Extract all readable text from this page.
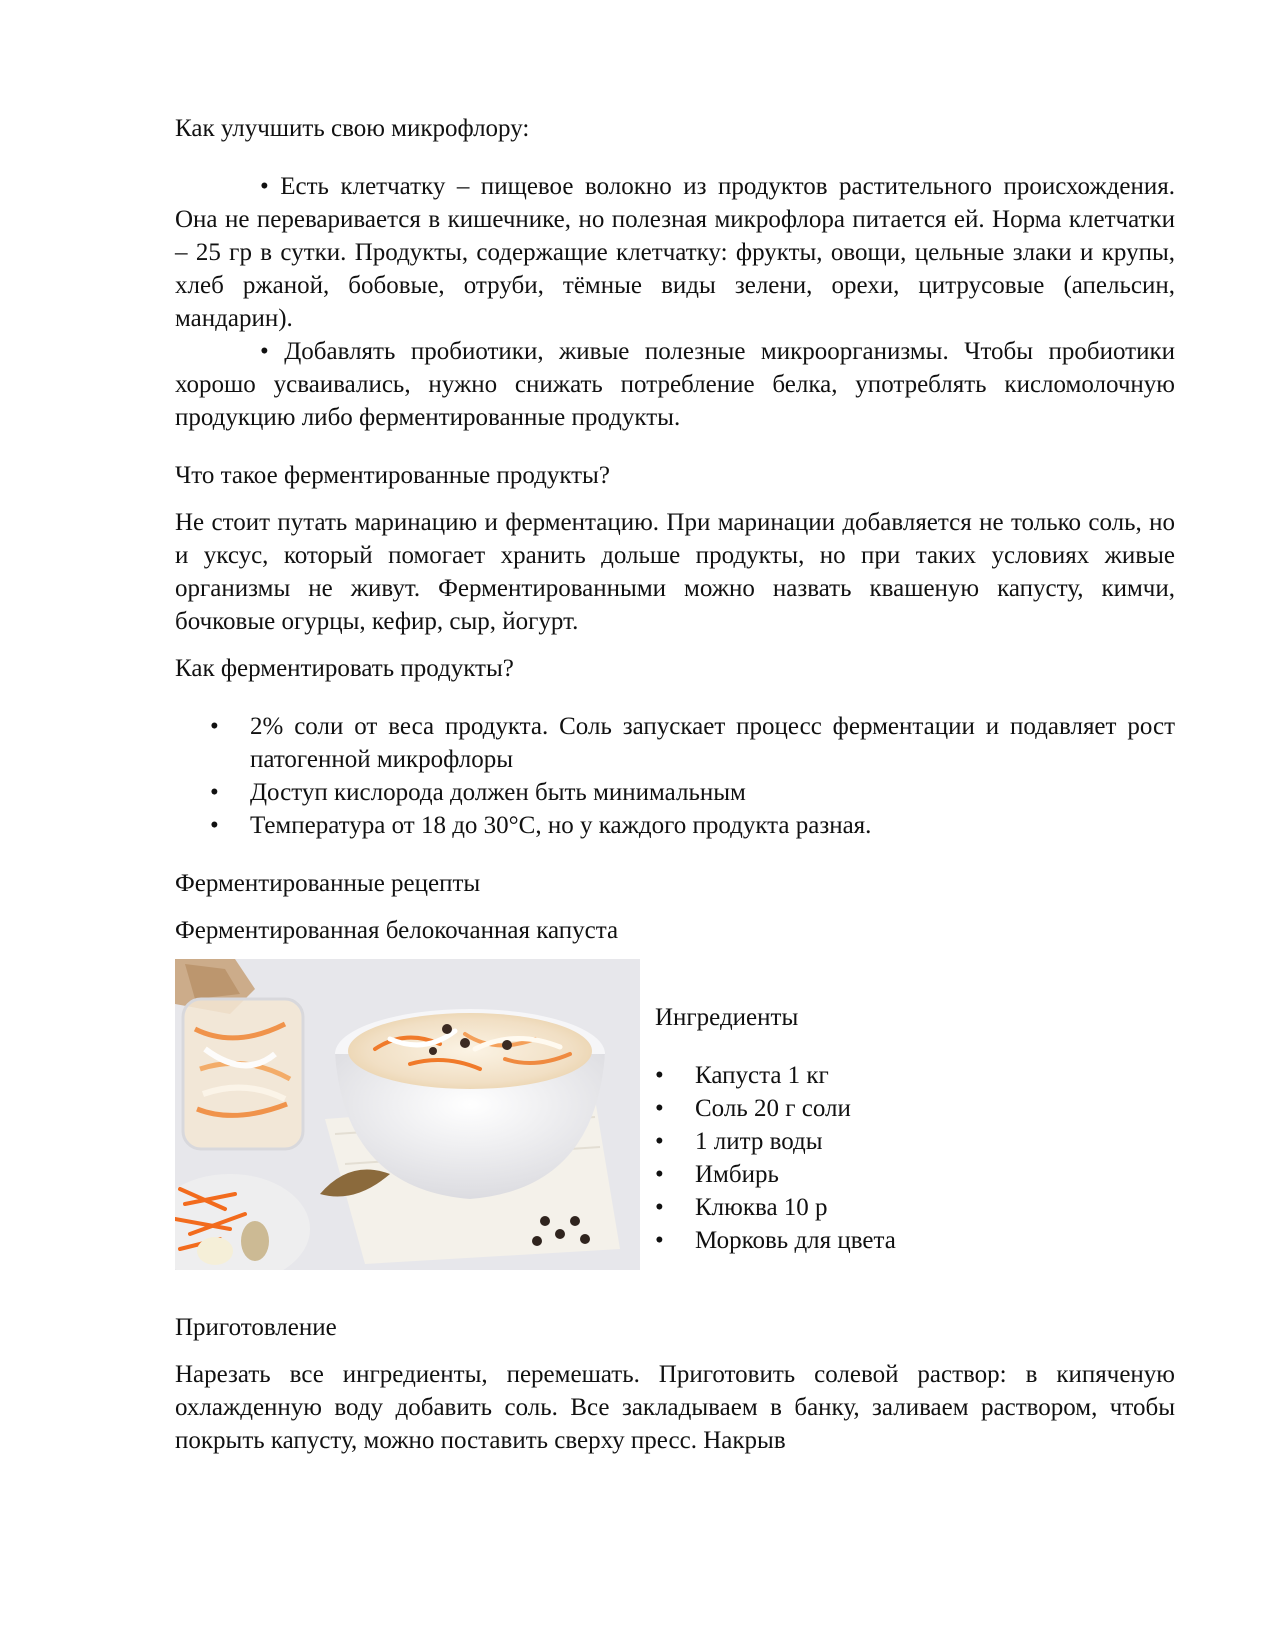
Как улучшить свою микрофлору:

• Есть клетчатку – пищевое волокно из продуктов растительного происхождения. Она не переваривается в кишечнике, но полезная микрофлора питается ей. Норма клетчатки – 25 гр в сутки. Продукты, содержащие клетчатку: фрукты, овощи, цельные злаки и крупы, хлеб ржаной, бобовые, отруби, тёмные виды зелени, орехи, цитрусовые (апельсин, мандарин).

• Добавлять пробиотики, живые полезные микроорганизмы. Чтобы пробиотики хорошо усваивались, нужно снижать потребление белка, употреблять кисломолочную продукцию либо ферментированные продукты.

Что такое ферментированные продукты?

Не стоит путать маринацию и ферментацию. При маринации добавляется не только соль, но и уксус, который помогает хранить дольше продукты, но при таких условиях живые организмы не живут. Ферментированными можно назвать квашеную капусту, кимчи, бочковые огурцы, кефир, сыр, йогурт.

Как ферментировать продукты?

• 2% соли от веса продукта. Соль запускает процесс ферментации и подавляет рост патогенной микрофлоры
• Доступ кислорода должен быть минимальным
• Температура от 18 до 30°C, но у каждого продукта разная.

Ферментированные рецепты

Ферментированная белокочанная капуста

Ингредиенты

• Капуста 1 кг
• Соль 20 г соли
• 1 литр воды
• Имбирь
• Клюква 10 р
• Морковь для цвета

Приготовление

Нарезать все ингредиенты, перемешать. Приготовить солевой раствор: в кипяченую охлажденную воду добавить соль. Все закладываем в банку, заливаем раствором, чтобы покрыть капусту, можно поставить сверху пресс. Накрыв
